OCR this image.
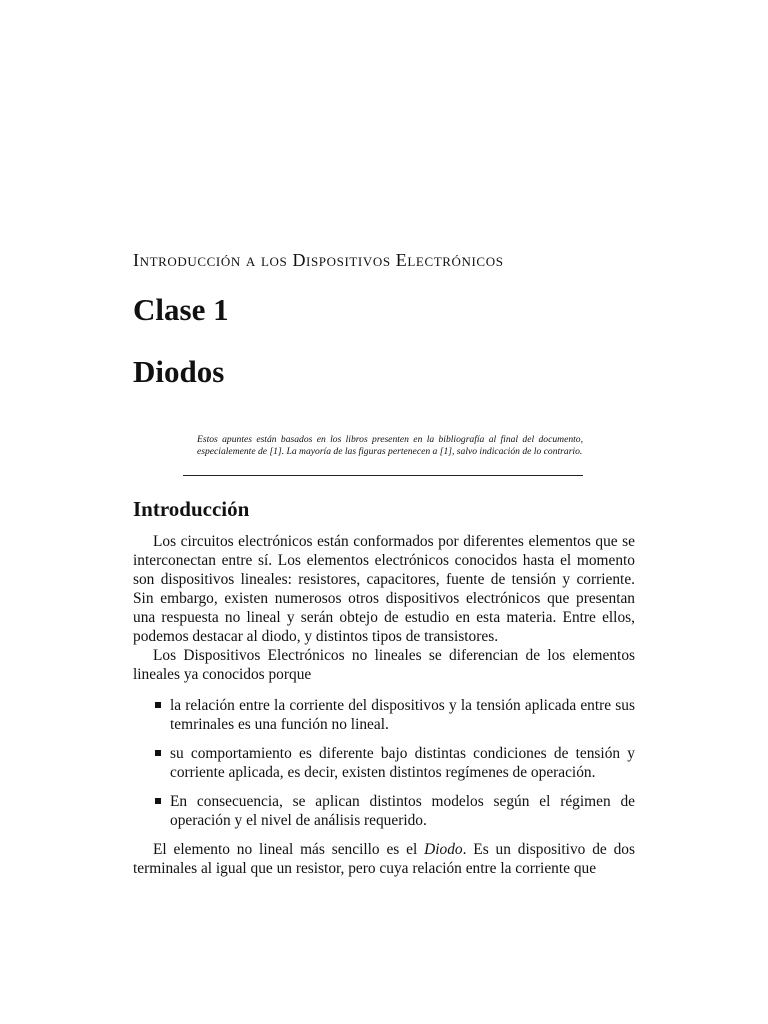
Introducción a los Dispositivos Electrónicos
Clase 1
Diodos
Estos apuntes están basados en los libros presenten en la bibliografía al final del documento, especialemente de [1]. La mayoría de las figuras pertenecen a [1], salvo indicación de lo contrario.
Introducción

Los circuitos electrónicos están conformados por diferentes elementos que se interconectan entre sí. Los elementos electrónicos conocidos hasta el momento son dispositivos lineales: resistores, capacitores, fuente de tensión y corriente. Sin embargo, existen numerosos otros dispositivos electrónicos que presentan una respuesta no lineal y serán obtejo de estudio en esta materia. Entre ellos, podemos destacar al diodo, y distintos tipos de transistores.

Los Dispositivos Electrónicos no lineales se diferencian de los elementos lineales ya conocidos porque

la relación entre la corriente del dispositivos y la tensión aplicada entre sus temrinales es una función no lineal.
su comportamiento es diferente bajo distintas condiciones de tensión y corriente aplicada, es decir, existen distintos regímenes de operación.
En consecuencia, se aplican distintos modelos según el régimen de operación y el nivel de análisis requerido.

El elemento no lineal más sencillo es el Diodo. Es un dispositivo de dos terminales al igual que un resistor, pero cuya relación entre la corriente que
